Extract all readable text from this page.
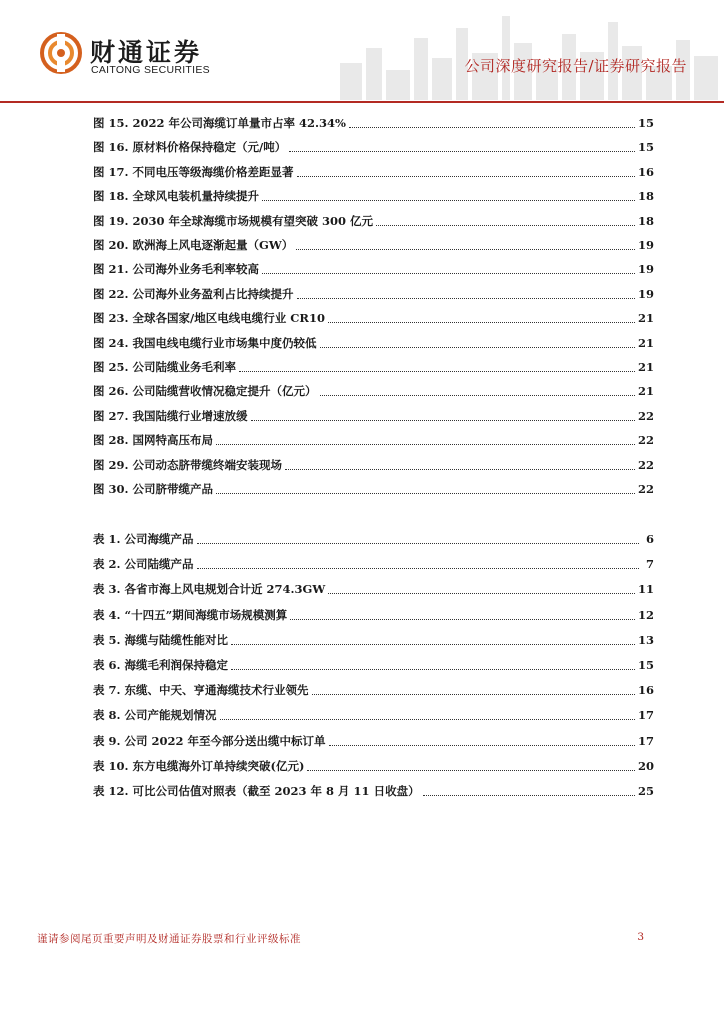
财通证券
CAITONG SECURITIES	公司深度研究报告/证券研究报告
图 15. 2022 年公司海缆订单量市占率 42.34%	15
图 16. 原材料价格保持稳定（元/吨）	15
图 17. 不同电压等级海缆价格差距显著	16
图 18. 全球风电装机量持续提升	18
图 19. 2030 年全球海缆市场规模有望突破 300 亿元	18
图 20. 欧洲海上风电逐渐起量（GW）	19
图 21. 公司海外业务毛利率较高	19
图 22. 公司海外业务盈利占比持续提升	19
图 23. 全球各国家/地区电线电缆行业 CR10	21
图 24. 我国电线电缆行业市场集中度仍较低	21
图 25. 公司陆缆业务毛利率	21
图 26. 公司陆缆营收情况稳定提升（亿元）	21
图 27. 我国陆缆行业增速放缓	22
图 28. 国网特高压布局	22
图 29. 公司动态脐带缆终端安装现场	22
图 30. 公司脐带缆产品	22
表 1. 公司海缆产品	6
表 2. 公司陆缆产品	7
表 3. 各省市海上风电规划合计近 274.3GW	11
表 4. “十四五”期间海缆市场规模测算	12
表 5. 海缆与陆缆性能对比	13
表 6. 海缆毛利润保持稳定	15
表 7. 东缆、中天、亨通海缆技术行业领先	16
表 8. 公司产能规划情况	17
表 9. 公司 2022 年至今部分送出缆中标订单	17
表 10. 东方电缆海外订单持续突破(亿元)	20
表 12. 可比公司估值对照表（截至 2023 年 8 月 11 日收盘）	25
谨请参阅尾页重要声明及财通证券股票和行业评级标准	3
